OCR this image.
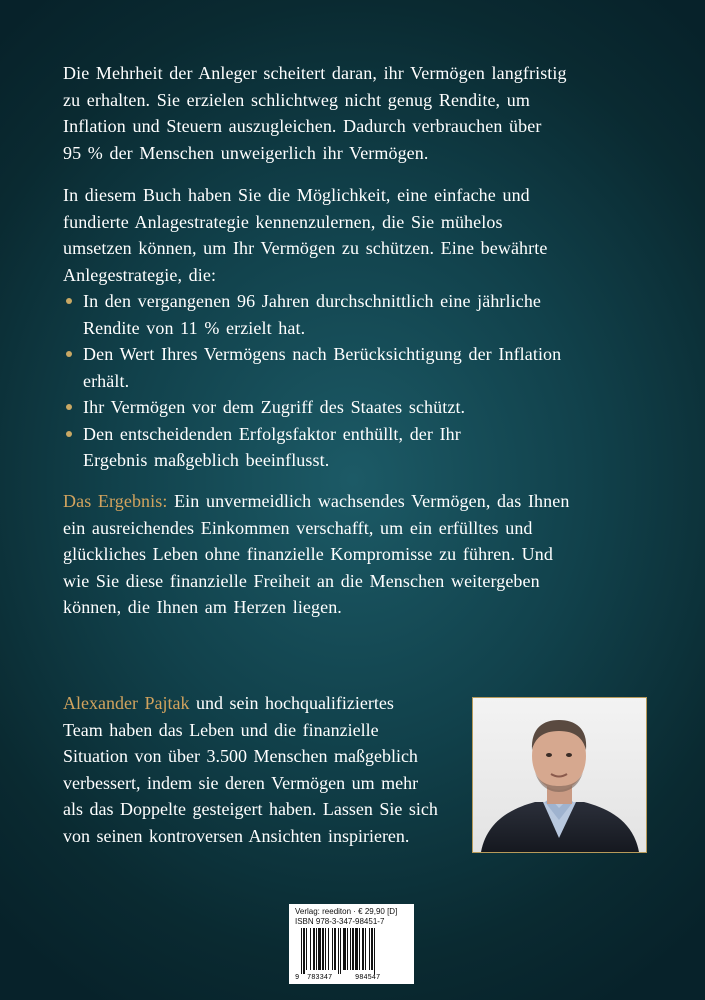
Die Mehrheit der Anleger scheitert daran, ihr Vermögen langfristig

zu erhalten. Sie erzielen schlichtweg nicht genug Rendite, um

Inflation und Steuern auszugleichen. Dadurch verbrauchen über

95 % der Menschen unweigerlich ihr Vermögen.

In diesem Buch haben Sie die Möglichkeit, eine einfache und

fundierte Anlagestrategie kennenzulernen, die Sie mühelos

umsetzen können, um Ihr Vermögen zu schützen. Eine bewährte

Anlegestrategie, die:

In den vergangenen 96 Jahren durchschnittlich eine jährliche
Rendite von 11 % erzielt hat.
Den Wert Ihres Vermögens nach Berücksichtigung der Inflation
erhält.
Ihr Vermögen vor dem Zugriff des Staates schützt.
Den entscheidenden Erfolgsfaktor enthüllt, der Ihr
Ergebnis maßgeblich beeinflusst.

Das Ergebnis: Ein unvermeidlich wachsendes Vermögen, das Ihnen

ein ausreichendes Einkommen verschafft, um ein erfülltes und

glückliches Leben ohne finanzielle Kompromisse zu führen. Und

wie Sie diese finanzielle Freiheit an die Menschen weitergeben

können, die Ihnen am Herzen liegen.

Alexander Pajtak und sein hochqualifiziertes

Team haben das Leben und die finanzielle

Situation von über 3.500 Menschen maßgeblich

verbessert, indem sie deren Vermögen um mehr

als das Doppelte gesteigert haben. Lassen Sie sich

von seinen kontroversen Ansichten inspirieren.

Verlag: reediton · € 29,90 [D]
ISBN 978-3-347-98451-7
9 783347	984547
